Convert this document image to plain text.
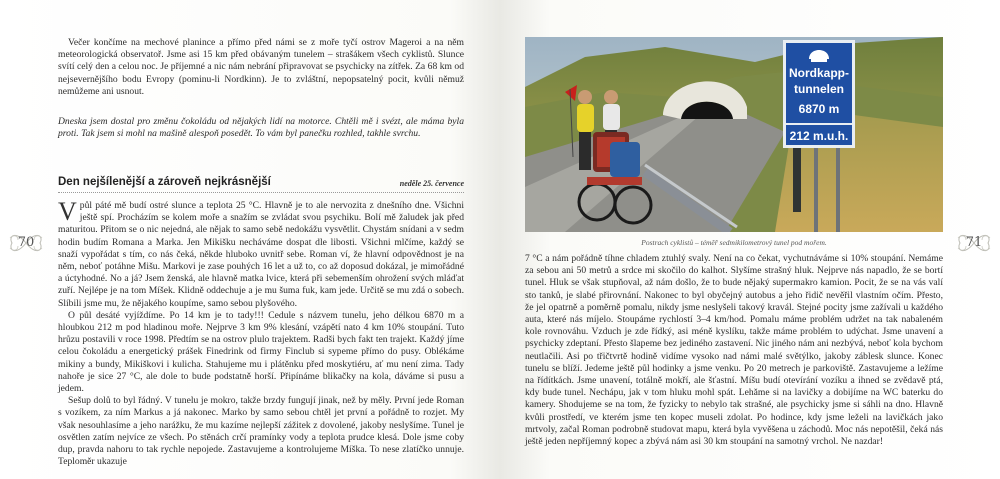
Večer končíme na mechové planince a přímo před námi se z moře tyčí ostrov Mageroi a na něm meteorologická observatoř. Jsme asi 15 km před obávaným tunelem – strašákem všech cyklistů. Slunce svítí celý den a celou noc. Je příjemné a nic nám nebrání připravovat se psychicky na zítřek. Za 68 km od nejsevernějšího bodu Evropy (pominu-li Nordkinn). Je to zvláštní, nepopsatelný pocit, kvůli němuž nemůžeme ani usnout.

Dneska jsem dostal pro změnu čokoládu od nějakých lidí na motorce. Chtěli mě i svézt, ale máma byla proti. Tak jsem si mohl na mašině alespoň posedět. To vám byl panečku rozhled, takhle svrchu.

Den nejšílenější a zároveň nejkrásnější	neděle 25. července

Vpůl páté mě budí ostré slunce a teplota 25 °C. Hlavně je to ale nervozita z dnešního dne. Všichni ještě spí. Procházím se kolem moře a snažím se zvládat svou psychiku. Bolí mě žaludek jak před maturitou. Přitom se o nic nejedná, ale nějak to samo sebě nedokážu vysvětlit. Chystám snídani a v sedm hodin budím Romana a Marka. Jen Mikišku necháváme dospat dle libosti. Všichni mlčíme, každý se snaží vypořádat s tím, co nás čeká, někde hluboko uvnitř sebe. Roman ví, že hlavní odpovědnost je na něm, neboť potáhne Mišu. Markovi je zase pouhých 16 let a už to, co až doposud dokázal, je mimořádné a úctyhodné. No a já? Jsem ženská, ale hlavně matka lvice, která při sebemenším ohrožení svých mláďat zuří. Nejlépe je na tom Míšek. Klidně oddechuje a je mu šuma fuk, kam jede. Určitě se mu zdá o sobech. Slíbili jsme mu, že nějakého koupíme, samo sebou plyšového.

O půl desáté vyjíždíme. Po 14 km je to tady!!! Cedule s názvem tunelu, jeho délkou 6870 m a hloubkou 212 m pod hladinou moře. Nejprve 3 km 9% klesání, vzápětí nato 4 km 10% stoupání. Tuto hrůzu postavili v roce 1998. Předtím se na ostrov plulo trajektem. Radši bych fakt ten trajekt. Každý jíme celou čokoládu a energetický prášek Finedrink od firmy Finclub si sypeme přímo do pusy. Oblékáme mikiny a bundy, Mikiškovi i kulicha. Stahujeme mu i plátěnku před moskytiéru, ať mu není zima. Tady nahoře je sice 27 °C, ale dole to bude podstatně horší. Připínáme blikačky na kola, dáváme si pusu a jedem.

Sešup dolů to byl řádný. V tunelu je mokro, takže brzdy fungují jinak, než by měly. První jede Roman s vozíkem, za ním Markus a já nakonec. Marko by samo sebou chtěl jet první a pořádně to rozjet. My však nesouhlasíme a jeho narážku, že mu kazíme nejlepší zážitek z dovolené, jakoby neslyšíme. Tunel je osvětlen zatím nejvíce ze všech. Po stěnách crčí pramínky vody a teplota prudce klesá. Dole jsme coby dup, pravda nahoru to tak rychle nepojede. Zastavujeme a kontrolujeme Míška. To nese zlatíčko unnuje. Teploměr ukazuje

70	71
Nordkapp-
tunnelen
6870 m
212 m.u.h.
Postrach cyklistů – téměř sedmikilometrový tunel pod mořem.

7 °C a nám pořádně tíhne chladem ztuhlý svaly. Není na co čekat, vychutnáváme si 10% stoupání. Nemáme za sebou ani 50 metrů a srdce mi skočilo do kalhot. Slyšíme strašný hluk. Nejprve nás napadlo, že se bortí tunel. Hluk se však stupňoval, až nám došlo, že to bude nějaký supermakro kamion. Pocit, že se na vás valí sto tanků, je slabé přirovnání. Nakonec to byl obyčejný autobus a jeho řidič nevěřil vlastním očím. Přesto, že jel opatrně a poměrně pomalu, nikdy jsme neslyšeli takový kravál. Stejné pocity jsme zažívali u každého auta, které nás míjelo. Stoupáme rychlostí 3–4 km/hod. Pomalu máme problém udržet na tak nabaleném kole rovnováhu. Vzduch je zde řídký, asi méně kyslíku, takže máme problém to udýchat. Jsme unavení a psychicky zdeptaní. Přesto šlapeme bez jediného zastavení. Nic jiného nám ani nezbývá, neboť kola bychom neutlačili. Asi po třičtvrtě hodině vidíme vysoko nad námi malé světýlko, jakoby záblesk slunce. Konec tunelu se blíží. Jedeme ještě půl hodinky a jsme venku. Po 20 metrech je parkoviště. Zastavujeme a ležíme na řídítkách. Jsme unavení, totálně mokří, ale šťastní. Míšu budí otevírání vozíku a ihned se zvědavě ptá, kdy bude tunel. Nechápu, jak v tom hluku mohl spát. Lehǎme si na lavičky a dobijíme na WC baterku do kamery. Shodujeme se na tom, že fyzicky to nebylo tak strašné, ale psychicky jsme si sáhli na dno. Hlavně kvůli prostředí, ve kterém jsme ten kopec museli zdolat. Po hodince, kdy jsme leželi na lavičkách jako mrtvoly, začal Roman podrobně studovat mapu, která byla vyvěšena u záchodů. Moc nás nepotěšil, čeká nás ještě jeden nepříjemný kopec a zbývá nám asi 30 km stoupání na samotný vrchol. Ne nazdar!
